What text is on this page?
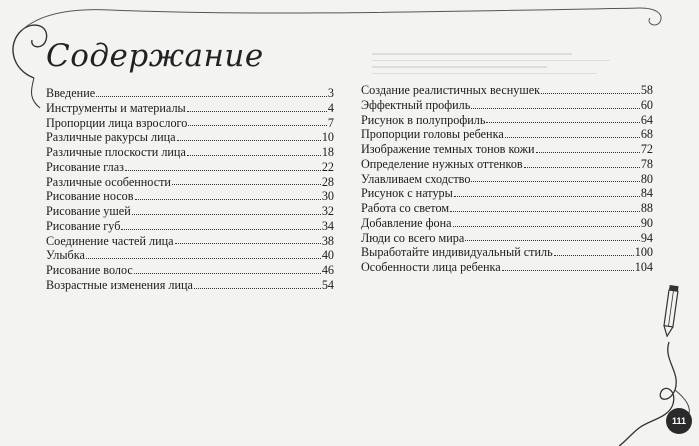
Содержание
Введение	3
Инструменты и материалы	4
Пропорции лица взрослого	7
Различные ракурсы лица	10
Различные плоскости лица	18
Рисование глаз	22
Различные особенности	28
Рисование носов	30
Рисование ушей	32
Рисование губ	34
Соединение частей лица	38
Улыбка	40
Рисование волос	46
Возрастные изменения лица	54
Создание реалистичных веснушек	58
Эффектный профиль	60
Рисунок в полупрофиль	64
Пропорции головы ребенка	68
Изображение темных тонов кожи	72
Определение нужных оттенков	78
Улавливаем сходство	80
Рисунок с натуры	84
Работа со светом	88
Добавление фона	90
Люди со всего мира	94
Выработайте индивидуальный стиль	100
Особенности лица ребенка	104
111
